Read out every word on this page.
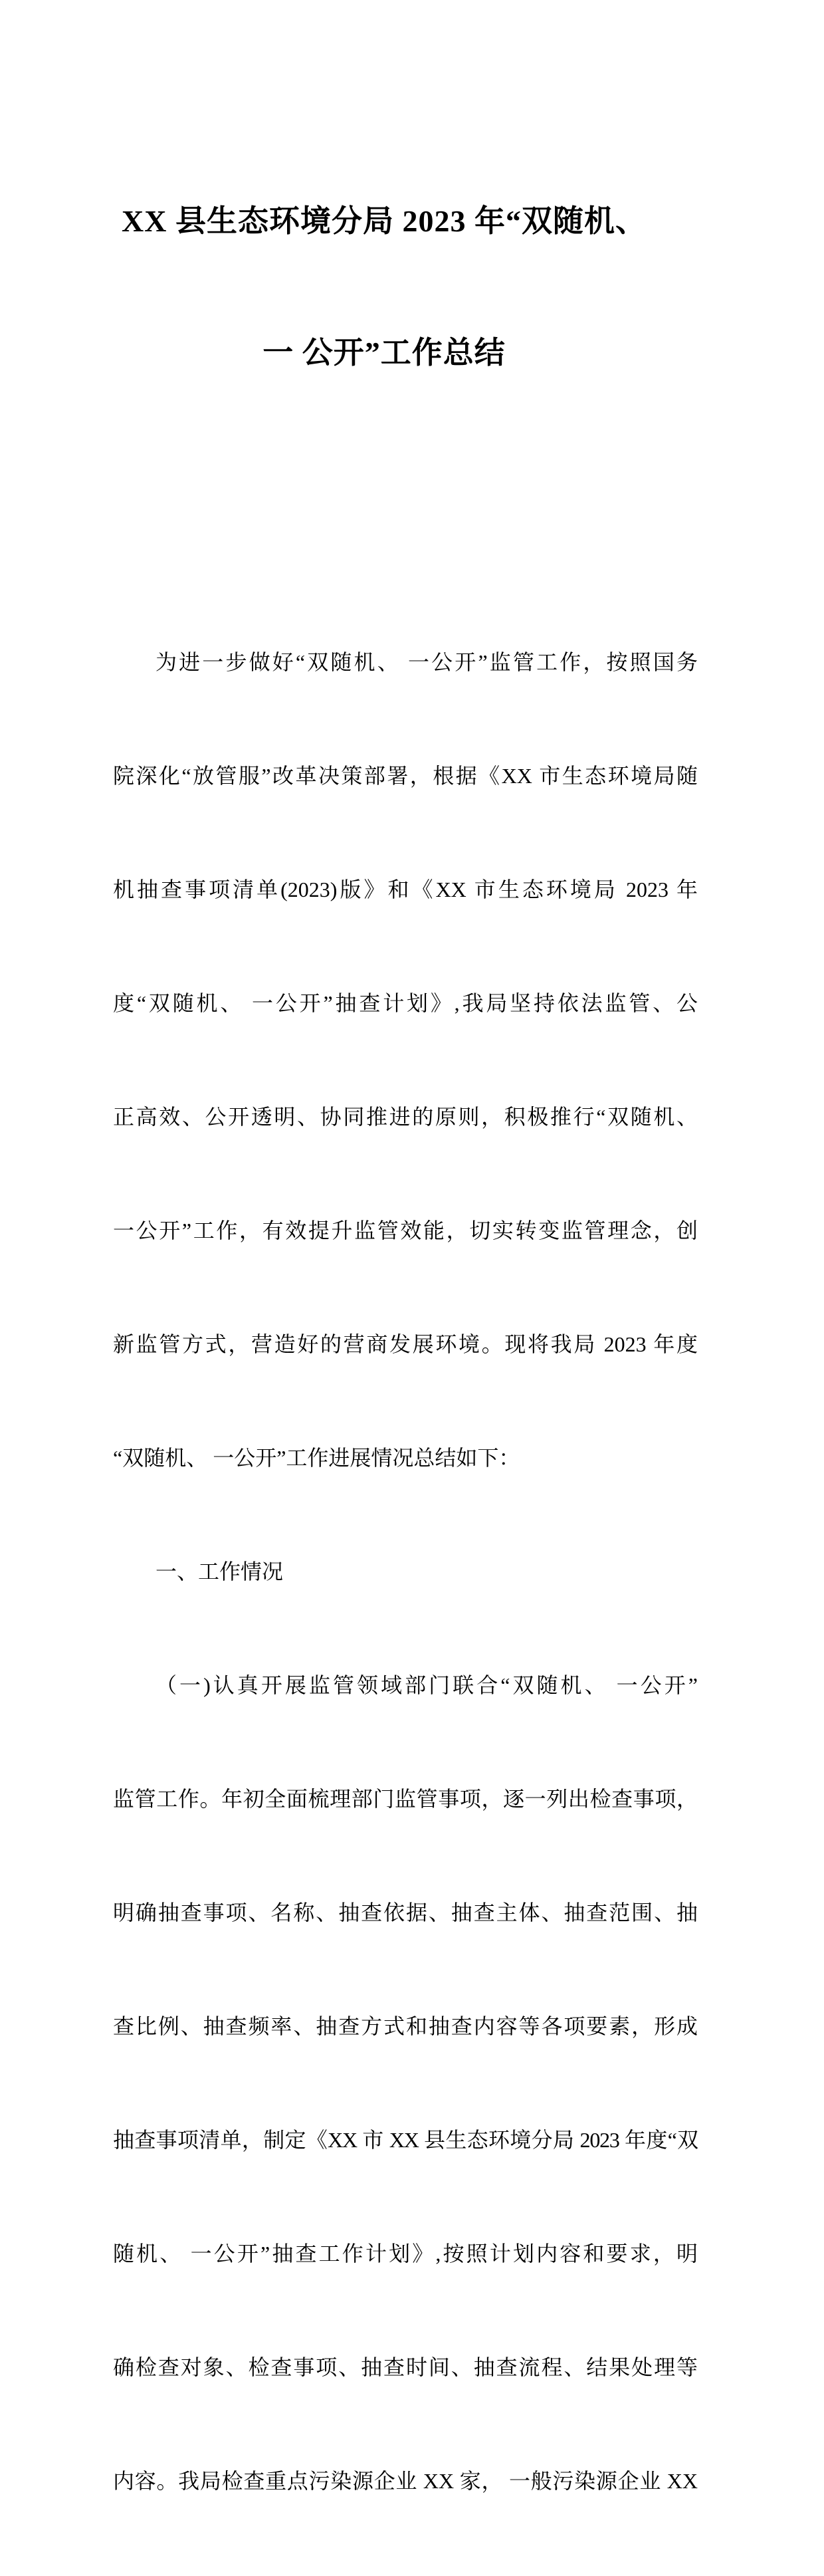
XX 县生态环境分局 2023 年“双随机、

一 公开”工作总结

为进一步做好“双随机、 一公开”监管工作，按照国务

院深化“放管服”改革决策部署，根据《XX 市生态环境局随

机抽查事项清单(2023)版》和《XX 市生态环境局 2023 年

度“双随机、 一公开”抽查计划》,我局坚持依法监管、公

正高效、公开透明、协同推进的原则，积极推行“双随机、

一公开”工作，有效提升监管效能，切实转变监管理念，创

新监管方式，营造好的营商发展环境。现将我局 2023 年度

“双随机、 一公开”工作进展情况总结如下：

一、工作情况

（一)认真开展监管领域部门联合“双随机、 一公开”

监管工作。年初全面梳理部门监管事项，逐一列出检查事项，

明确抽查事项、名称、抽查依据、抽查主体、抽查范围、抽

查比例、抽查频率、抽查方式和抽查内容等各项要素，形成

抽查事项清单，制定《XX 市 XX 县生态环境分局 2023 年度“双

随机、 一公开”抽查工作计划》,按照计划内容和要求，明

确检查对象、检查事项、抽查时间、抽查流程、结果处理等

内容。我局检查重点污染源企业 XX 家， 一般污染源企业 XX
